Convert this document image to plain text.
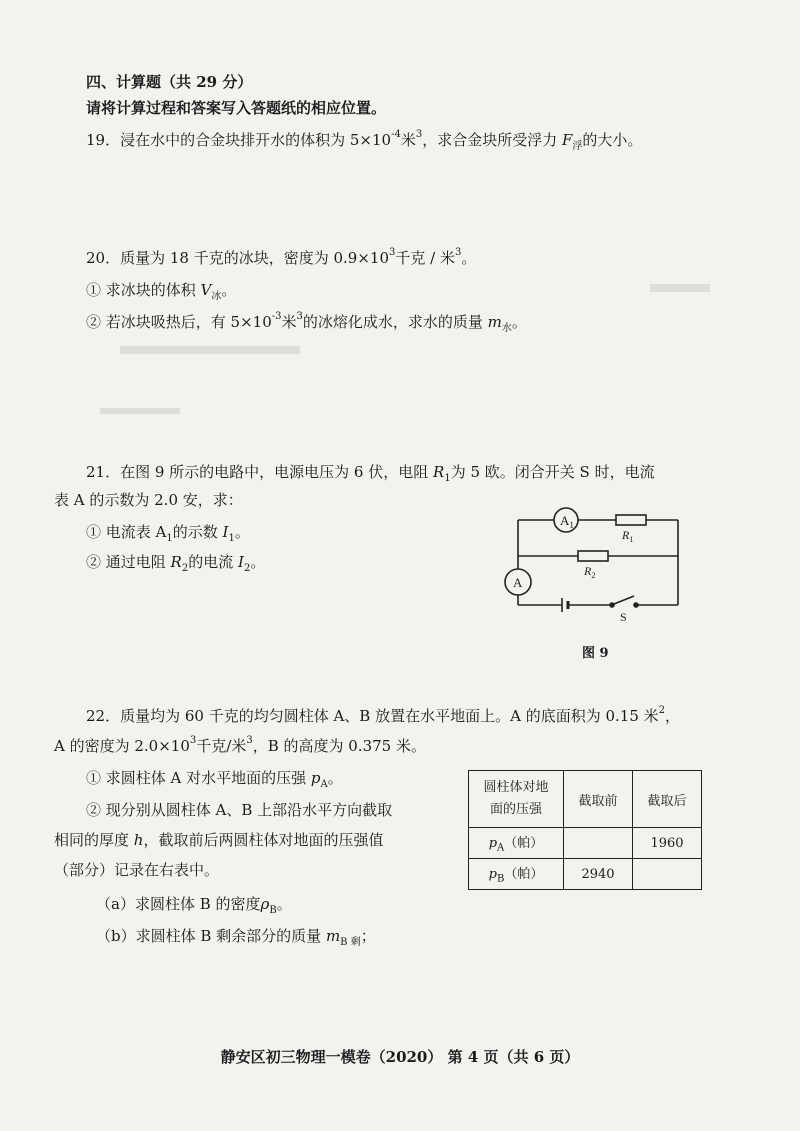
四、计算题（共 29 分）
请将计算过程和答案写入答题纸的相应位置。
19．浸在水中的合金块排开水的体积为 $5\times 10^{-4}$米$^3$，求合金块所受浮力 $F_浮$的大小。
20．质量为 18 千克的冰块，密度为 $0.9\times 10^3$千克 / 米$^3$。
① 求冰块的体积 $V_冰$。
② 若冰块吸热后，有 $5\times 10^{-3}$米$^3$的冰熔化成水，求水的质量 $m_水$。
21．在图 9 所示的电路中，电源电压为 6 伏，电阻 $R_1$为 5 欧。闭合开关 S 时，电流
表 A 的示数为 2.0 安，求：
① 电流表 $A_1$的示数 $I_1$。
② 通过电阻 $R_2$的电流 $I_2$。
$A_1$
A
$R_1$
$R_2$
S
图 9
22．质量均为 60 千克的均匀圆柱体 A、B 放置在水平地面上。A 的底面积为 0.15 米$^2$，
A 的密度为 $2.0\times 10^3$千克/米$^3$，B 的高度为 0.375 米。
① 求圆柱体 A 对水平地面的压强 $p_A$。
② 现分别从圆柱体 A、B 上部沿水平方向截取
相同的厚度 h，截取前后两圆柱体对地面的压强值
（部分）记录在右表中。
（a）求圆柱体 B 的密度$\rho_B$。
（b）求圆柱体 B 剩余部分的质量 $m_{B 剩}$；
圆柱体对地
面的压强	截取前	截取后
$p_A$（帕）		1960
$p_B$（帕）	2940	
静安区初三物理一模卷（2020） 第 4 页（共 6 页）
